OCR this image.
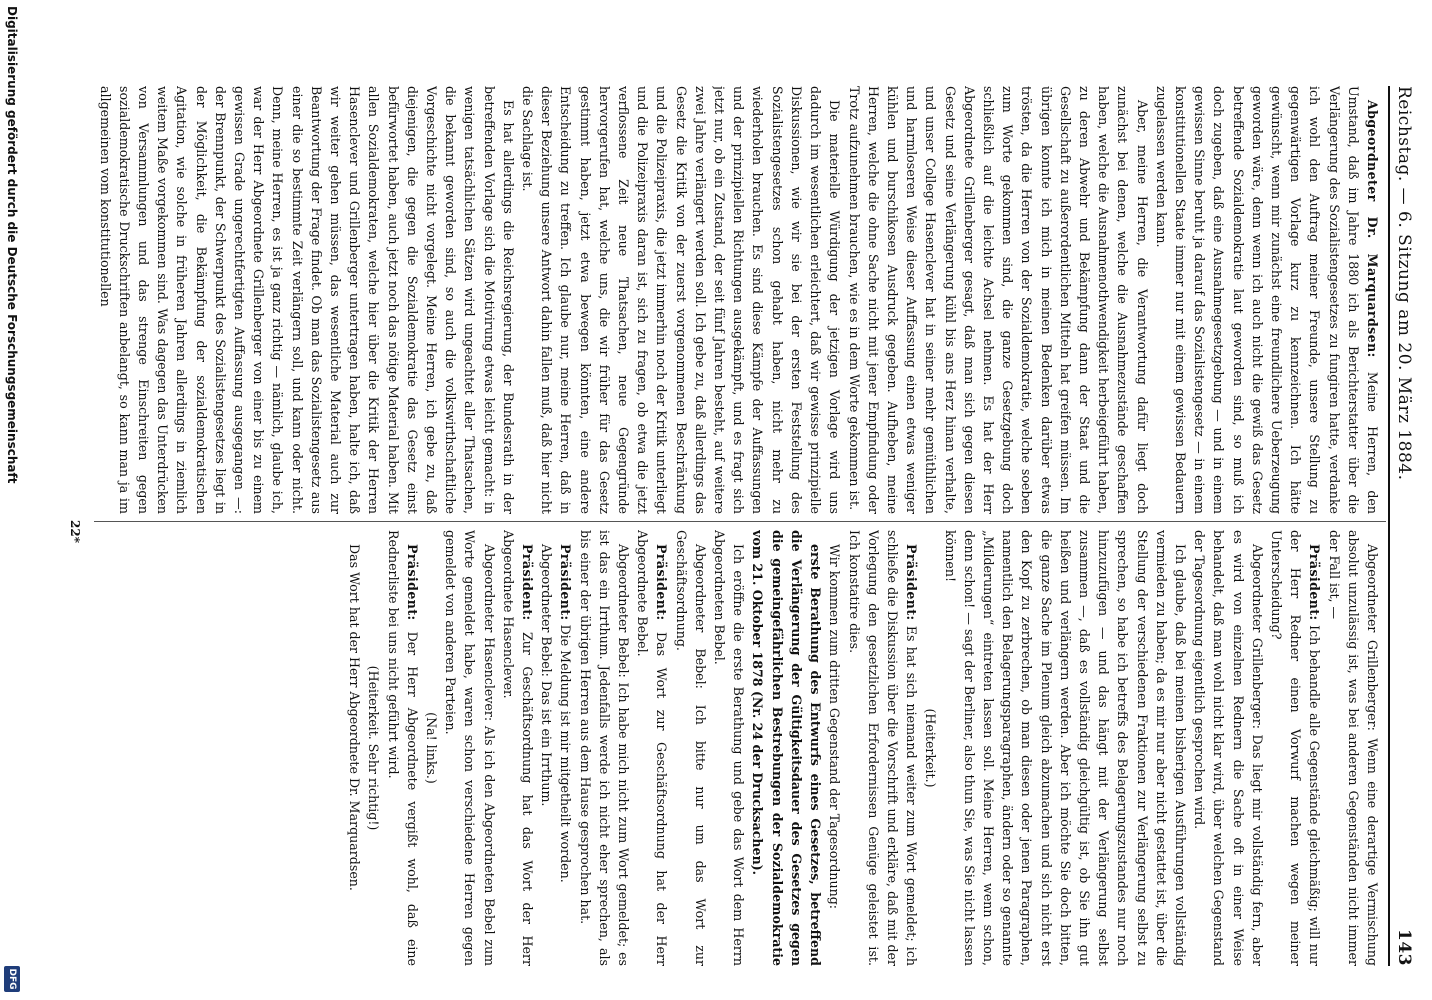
Reichstag. — 6. Sitzung am 20. März 1884.
143

Abgeordneter Dr. Marquardsen: Meine Herren, den Umstand, daß im Jahre 1880 ich als Berichterstatter über die Verlängerung des Sozialistengesetzes zu fungiren hatte, verdanke ich wohl den Auftrag meiner Freunde, unsere Stellung zu gegenwärtigen Vorlage kurz zu kennzeichnen. Ich hätte gewünscht, wenn mir zunächst eine freundlichere Ueberzeugung geworden wäre, denn wenn ich auch nicht die gewiß das Gesetz betreffende Sozialdemokratie laut geworden sind, so muß ich doch zugeben, daß eine Ausnahmegesetzgebung — und in einem gewissen Sinne beruht ja darauf das Sozialistengesetz — in einem konstitutionellen Staate immer nur mit einem gewissen Bedauern zugelassen werden kann.

Aber, meine Herren, die Verantwortung dafür liegt doch zunächst bei denen, welche die Ausnahmezustände geschaffen haben, welche die Ausnahmenothwendigkeit herbeigeführt haben, zu deren Abwehr und Bekämpfung dann der Staat und die Gesellschaft zu außerordentlichen Mitteln hat greifen müssen. Im übrigen konnte ich mich in meinen Bedenken darüber etwas trösten, da die Herren von der Sozialdemokratie, welche soeben zum Worte gekommen sind, die ganze Gesetzgebung doch schließlich auf die leichte Achsel nehmen. Es hat der Herr Abgeordnete Grillenberger gesagt, daß man sich gegen diesen Gesetz und seine Verlängerung kühl bis ans Herz hinan verhalte, und unser College Hasenclever hat in seiner mehr gemüthlichen und harmloseren Weise dieser Auffassung einen etwas weniger kühlen und burschikosen Ausdruck gegeben. Aufheben, meine Herren, welche die ohne Sache nicht mit jener Empfindung oder Trotz aufzunehmen brauchen, wie es in dem Worte gekommen ist.

Die materielle Würdigung der jetzigen Vorlage wird uns dadurch im wesentlichen erleichtert, daß wir gewisse prinzipielle Diskussionen, wie wir sie bei der ersten Feststellung des Sozialistengesetzes schon gehabt haben, nicht mehr zu wiederholen brauchen. Es sind diese Kämpfe der Auffassungen und der prinzipiellen Richtungen ausgekämpft, und es fragt sich jetzt nur, ob ein Zustand, der seit fünf Jahren besteht, auf weitere zwei Jahre verlängert werden soll. Ich gebe zu, daß allerdings das Gesetz die Kritik von der zuerst vorgenommenen Beschränkung und die Polizeipraxis, die jetzt immerhin noch der Kritik unterliegt und die Polizeipraxis daran ist, sich zu fragen, ob etwa die jetzt verflossene Zeit neue Thatsachen, neue Gegengründe hervorgerufen hat, welche uns, die wir früher für das Gesetz gestimmt haben, jetzt etwa bewegen könnten, eine andere Entscheidung zu treffen. Ich glaube nur, meine Herren, daß in dieser Beziehung unsere Antwort dahin fallen muß, daß hier nicht die Sachlage ist.

Es hat allerdings die Reichsregierung, der Bundesrath in der betreffenden Vorlage sich die Motivirung etwas leicht gemacht: in wenigen tatsächlichen Sätzen wird ungeachtet aller Thatsachen, die bekannt geworden sind, so auch die volkswirthschaftliche Vorgeschichte nicht vorgelegt. Meine Herren, ich gebe zu, daß diejenigen, die gegen die Sozialdemokratie das Gesetz einst befürwortet haben, auch jetzt noch das nötige Material haben. Mit allen Sozialdemokraten, welche hier über die Kritik der Herren Hasenclever und Grillenberger untertragen haben, halte ich, daß wir weiter gehen müssen, das wesentliche Material auch zur Beantwortung der Frage findet. Ob man das Sozialistengesetz aus einer die so bestimmte Zeit verlängern soll, und kann oder nicht. Denn, meine Herren, es ist ja ganz richtig — nämlich, glaube ich, war der Herr Abgeordnete Grillenberger von einer bis zu einem gewissen Grade ungerechtfertigten Auffassung ausgegangen —: der Brennpunkt, der Schwerpunkt des Sozialistengesetzes liegt in der Möglichkeit, die Bekämpfung der sozialdemokratischen Agitation, wie solche in früheren Jahren allerdings in ziemlich weitem Maße vorgekommen sind. Was dagegen das Unterdrücken von Versammlungen und das strenge Einschreiten gegen sozialdemokratische Druckschriften anbelangt, so kann man ja im allgemeinen vom konstitutionellen

Abgeordneter Grillenberger: Wenn eine derartige Vermischung absolut unzulässig ist, was bei anderen Gegenständen nicht immer der Fall ist, —

Präsident: Ich behandle alle Gegenstände gleichmäßig; will nur der Herr Redner einen Vorwurf machen wegen meiner Unterscheidung?

Abgeordneter Grillenberger: Das liegt mir vollständig fern, aber es wird von einzelnen Rednern die Sache oft in einer Weise behandelt, daß man wohl nicht klar wird, über welchen Gegenstand der Tagesordnung eigentlich gesprochen wird.

Ich glaube, daß bei meinen bisherigen Ausführungen vollständig vermieden zu haben; da es mir nur aber nicht gestattet ist, über die Stellung der verschiedenen Fraktionen zur Verlängerung selbst zu sprechen, so habe ich betreffs des Belagerungszustandes nur noch hinzuzufügen — und das hängt mit der Verlängerung selbst zusammen —, daß es vollständig gleichgültig ist, ob Sie ihn gut heißen und verlängern werden. Aber ich möchte Sie doch bitten, die ganze Sache im Plenum gleich abzumachen und sich nicht erst den Kopf zu zerbrechen, ob man diesen oder jenen Paragraphen, namentlich den Belagerungsparagraphen, ändern oder so genannte „Milderungen“ eintreten lassen soll. Meine Herren, wenn schon, denn schon! — sagt der Berliner, also thun Sie, was Sie nicht lassen können!

(Heiterkeit.)

Präsident: Es hat sich niemand weiter zum Wort gemeldet; ich schließe die Diskussion über die Vorschrift und erkläre, daß mit der Vorlegung den gesetzlichen Erfordernissen Genüge geleistet ist. Ich konstatire dies.

Wir kommen zum dritten Gegenstand der Tagesordnung:

erste Berathung des Entwurfs eines Gesetzes, betreffend die Verlängerung der Gültigkeitsdauer des Gesetzes gegen die gemeingefährlichen Bestrebungen der Sozialdemokratie vom 21. Oktober 1878 (Nr. 24 der Drucksachen).

Ich eröffne die erste Berathung und gebe das Wort dem Herrn Abgeordneten Bebel.

Abgeordneter Bebel: Ich bitte nur um das Wort zur Geschäftsordnung.

Präsident: Das Wort zur Geschäftsordnung hat der Herr Abgeordnete Bebel.

Abgeordneter Bebel: Ich habe mich nicht zum Wort gemeldet; es ist das ein Irrthum. Jedenfalls werde ich nicht eher sprechen, als bis einer der übrigen Herren aus dem Hause gesprochen hat.

Präsident: Die Meldung ist mir mitgetheilt worden.

Abgeordneter Bebel: Das ist ein Irrthum.

Präsident: Zur Geschäftsordnung hat das Wort der Herr Abgeordnete Hasenclever.

Abgeordneter Hasenclever: Als ich den Abgeordneten Bebel zum Worte gemeldet habe, waren schon verschiedene Herren gegen gemeldet von anderen Parteien.

(Na! links.)

Präsident: Der Herr Abgeordnete vergißt wohl, daß eine Rednerliste bei uns nicht geführt wird.

(Heiterkeit. Sehr richtig!)

Das Wort hat der Herr Abgeordnete Dr. Marquardsen.

22*
Digitalisierung gefördert durch die Deutsche Forschungsgemeinschaft
DFG
